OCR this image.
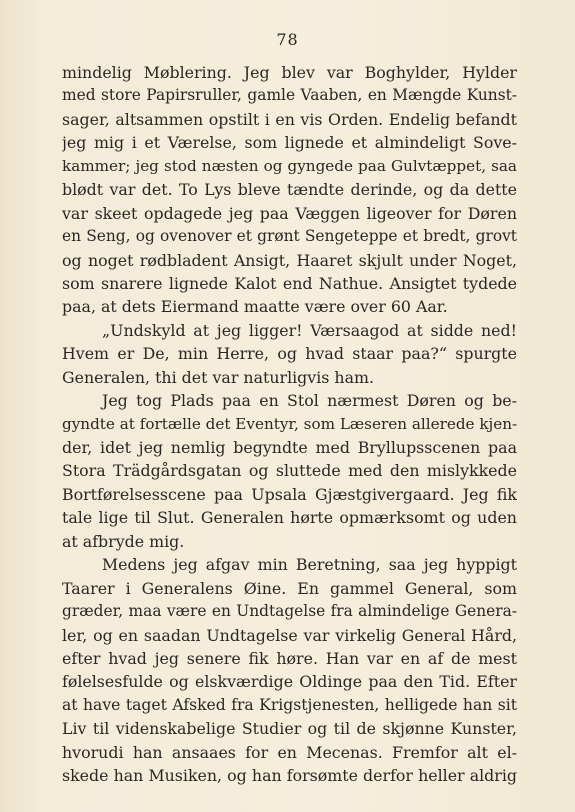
78
mindelig Møblering. Jeg blev var Boghylder, Hylder
med store Papirsruller, gamle Vaaben, en Mængde Kunst-
sager, altsammen opstilt i en vis Orden. Endelig befandt
jeg mig i et Værelse, som lignede et almindeligt Sove-
kammer; jeg stod næsten og gyngede paa Gulvtæppet, saa
blødt var det. To Lys bleve tændte derinde, og da dette
var skeet opdagede jeg paa Væggen ligeover for Døren
en Seng, og ovenover et grønt Sengeteppe et bredt, grovt
og noget rødbladent Ansigt, Haaret skjult under Noget,
som snarere lignede Kalot end Nathue. Ansigtet tydede
paa, at dets Eiermand maatte være over 60 Aar.
„Undskyld at jeg ligger! Værsaagod at sidde ned!
Hvem er De, min Herre, og hvad staar paa?“ spurgte
Generalen, thi det var naturligvis ham.
Jeg tog Plads paa en Stol nærmest Døren og be-
gyndte at fortælle det Eventyr, som Læseren allerede kjen-
der, idet jeg nemlig begyndte med Bryllupsscenen paa
Stora Trädgårdsgatan og sluttede med den mislykkede
Bortførelsesscene paa Upsala Gjæstgivergaard. Jeg fik
tale lige til Slut. Generalen hørte opmærksomt og uden
at afbryde mig.
Medens jeg afgav min Beretning, saa jeg hyppigt
Taarer i Generalens Øine. En gammel General, som
græder, maa være en Undtagelse fra almindelige Genera-
ler, og en saadan Undtagelse var virkelig General Hård,
efter hvad jeg senere fik høre. Han var en af de mest
følelsesfulde og elskværdige Oldinge paa den Tid. Efter
at have taget Afsked fra Krigstjenesten, helligede han sit
Liv til videnskabelige Studier og til de skjønne Kunster,
hvorudi han ansaaes for en Mecenas. Fremfor alt el-
skede han Musiken, og han forsømte derfor heller aldrig
